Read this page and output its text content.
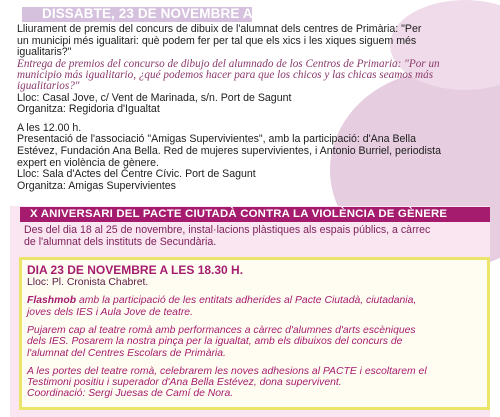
DISSABTE, 23 DE NOVEMBRE A LES 11.00 H.

Lliurament de premis del concurs de dibuix de l'alumnat dels centres de Primària: "Per

un municipi més igualitari: què podem fer per tal que els xics i les xiques siguem més

igualitaris?"

Entrega de premios del concurso de dibujo del alumnado de los Centros de Primaria: "Por un

municipio más igualitario, ¿qué podemos hacer para que los chicos y las chicas seamos más

igualitarios?"

Lloc: Casal Jove, c/ Vent de Marinada, s/n. Port de Sagunt

Organitza: Regidoria d'Igualtat

A les 12.00 h.

Presentació de l'associació "Amigas Supervivientes", amb la participació: d'Ana Bella

Estévez, Fundación Ana Bella. Red de mujeres supervivientes, i Antonio Burriel, periodista

expert en violència de gènere.

Lloc: Sala d'Actes del Centre Cívic. Port de Sagunt

Organitza: Amigas Supervivientes

X ANIVERSARI DEL PACTE CIUTADÀ CONTRA LA VIOLÈNCIA DE GÈNERE

Des del dia 18 al 25 de novembre, instal·lacions plàstiques als espais públics, a càrrec

de l'alumnat dels instituts de Secundària.

DIA 23 DE NOVEMBRE A LES 18.30 H.

Lloc: Pl. Cronista Chabret.

Flashmob amb la participació de les entitats adherides al Pacte Ciutadà, ciutadania,

joves dels IES i Aula Jove de teatre.

Pujarem cap al teatre romà amb performances a càrrec d'alumnes d'arts escèniques

dels IES. Posarem la nostra pinça per la igualtat, amb els dibuixos del concurs de

l'alumnat del Centres Escolars de Primària.

A les portes del teatre romà, celebrarem les noves adhesions al PACTE i escoltarem el

Testimoni positiu i superador d'Ana Bella Estévez, dona supervivent.

Coordinació: Sergi Juesas de Camí de Nora.
